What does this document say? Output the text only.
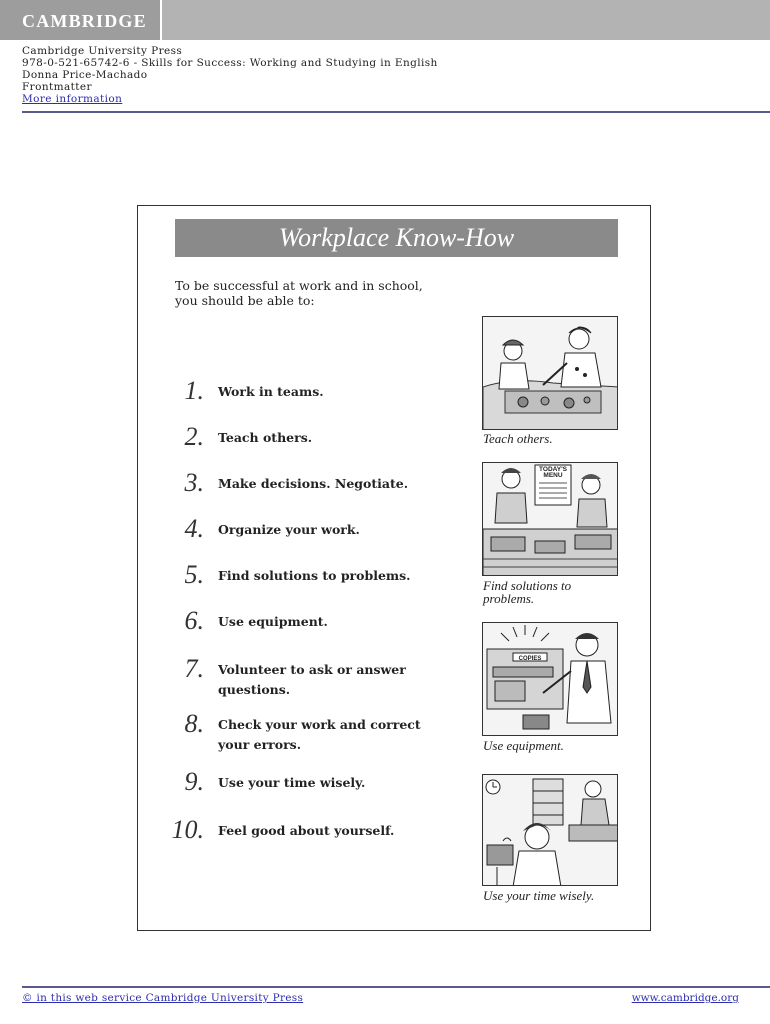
CAMBRIDGE
Cambridge University Press
978-0-521-65742-6 - Skills for Success: Working and Studying in English
Donna Price-Machado
Frontmatter
More information
Workplace Know-How
To be successful at work and in school,
you should be able to:
1. Work in teams.
2. Teach others.
3. Make decisions. Negotiate.
4. Organize your work.
5. Find solutions to problems.
6. Use equipment.
7. Volunteer to ask or answer questions.
8. Check your work and correct your errors.
9. Use your time wisely.
10. Feel good about yourself.
Teach others.
TODAY'S
MENU
Find solutions to problems.
COPIES
Use equipment.
Use your time wisely.
© in this web service Cambridge University Press	www.cambridge.org
